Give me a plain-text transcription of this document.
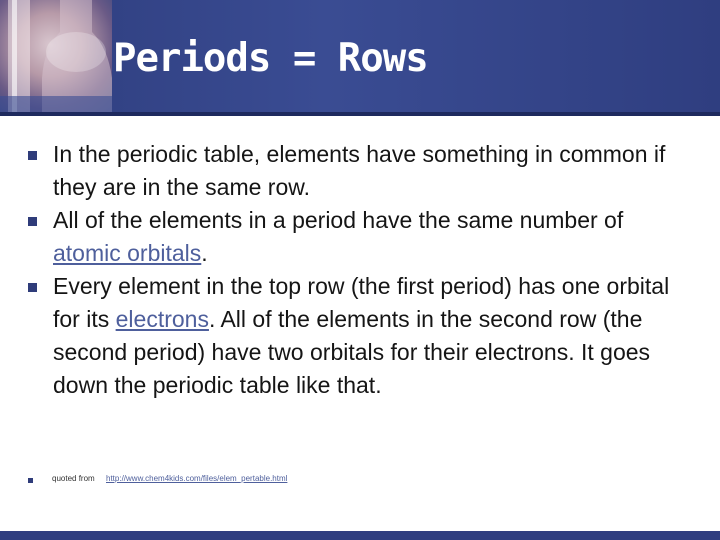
Periods = Rows
In the periodic table, elements have something in common if they are in the same row.
All of the elements in a period have the same number of atomic orbitals.
Every element in the top row (the first period) has one orbital for its electrons. All of the elements in the second row (the second period) have two orbitals for their electrons. It goes down the periodic table like that.
quoted from http://www.chem4kids.com/files/elem_pertable.html
